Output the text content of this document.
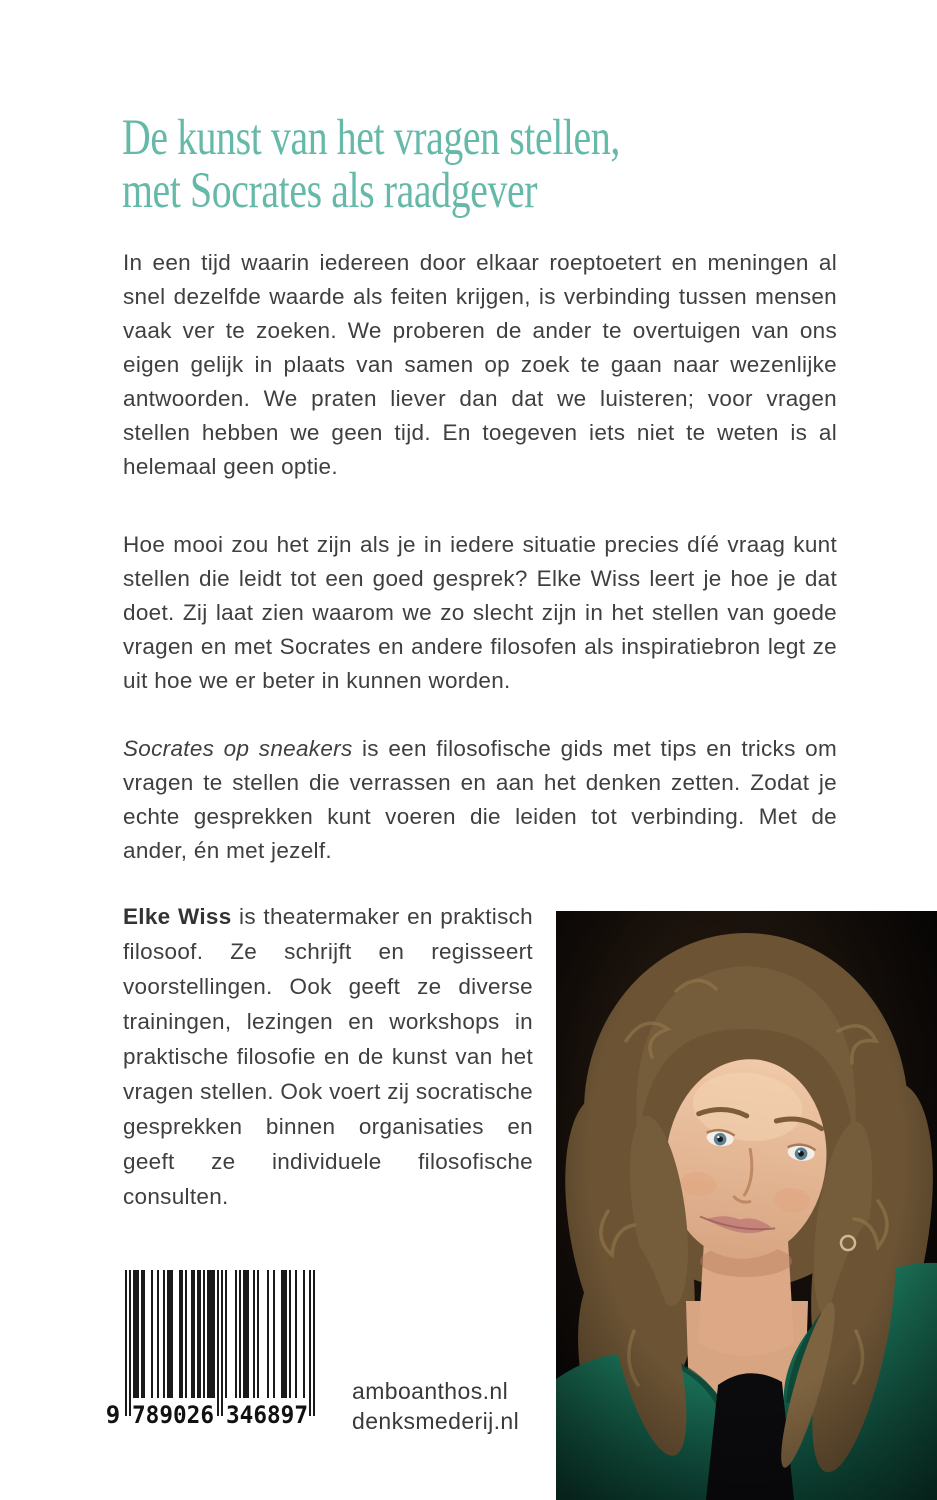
De kunst van het vragen stellen,
met Socrates als raadgever

In een tijd waarin iedereen door elkaar roeptoetert en meningen al snel dezelfde waarde als feiten krijgen, is verbinding tussen mensen vaak ver te zoeken. We proberen de ander te overtuigen van ons eigen gelijk in plaats van samen op zoek te gaan naar wezenlijke antwoorden. We praten liever dan dat we luisteren; voor vragen stellen hebben we geen tijd. En toegeven iets niet te weten is al helemaal geen optie.

Hoe mooi zou het zijn als je in iedere situatie precies díé vraag kunt stellen die leidt tot een goed gesprek? Elke Wiss leert je hoe je dat doet. Zij laat zien waarom we zo slecht zijn in het stellen van goede vragen en met Socrates en andere filosofen als inspiratiebron legt ze uit hoe we er beter in kunnen worden.

Socrates op sneakers is een filosofische gids met tips en tricks om vragen te stellen die verrassen en aan het denken zetten. Zodat je echte gesprekken kunt voeren die leiden tot verbinding. Met de ander, én met jezelf.

Elke Wiss is theatermaker en praktisch filosoof. Ze schrijft en regisseert voorstellingen. Ook geeft ze diverse trainingen, lezingen en workshops in praktische filosofie en de kunst van het vragen stellen. Ook voert zij socratische gesprekken binnen organisaties en geeft ze individuele filosofische consulten.

9 789026 346897
amboanthos.nl
denksmederij.nl
